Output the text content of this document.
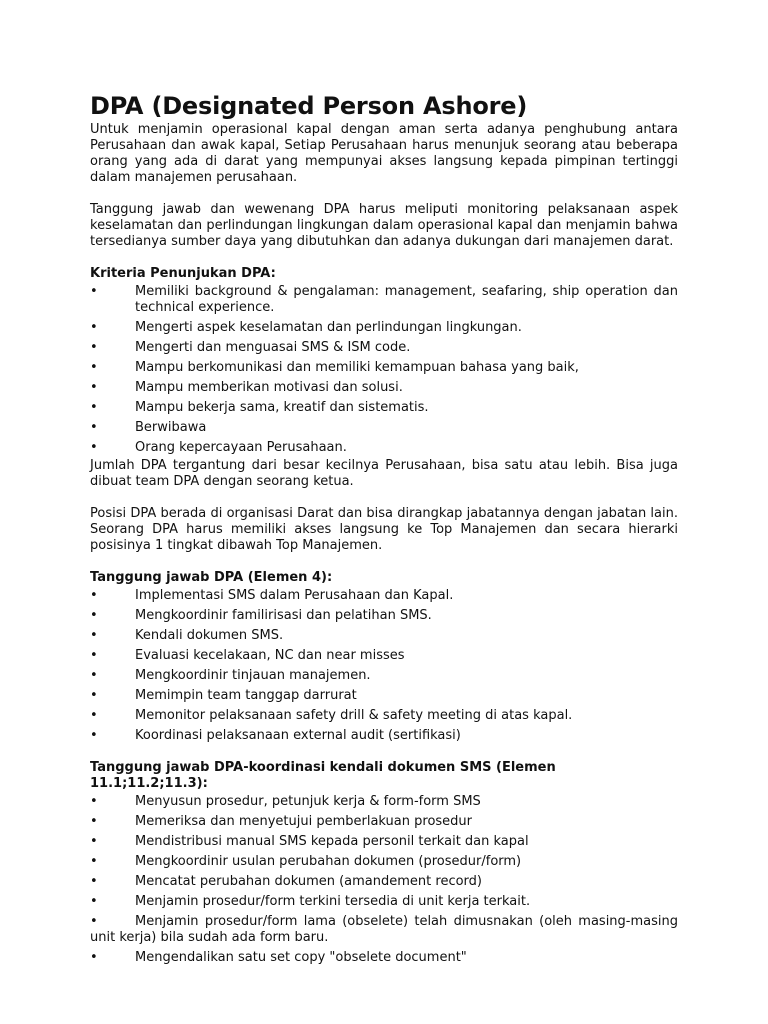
DPA (Designated Person Ashore)

Untuk menjamin operasional kapal dengan aman serta adanya penghubung antara Perusahaan dan awak kapal, Setiap Perusahaan harus menunjuk seorang atau beberapa orang yang ada di darat yang mempunyai akses langsung kepada pimpinan tertinggi dalam manajemen perusahaan.

Tanggung jawab dan wewenang DPA harus meliputi monitoring pelaksanaan aspek keselamatan dan perlindungan lingkungan dalam operasional kapal dan menjamin bahwa tersedianya sumber daya yang dibutuhkan dan adanya dukungan dari manajemen darat.

Kriteria Penunjukan DPA:
•	Memiliki background & pengalaman: management, seafaring, ship operation dan technical experience.
•	Mengerti aspek keselamatan dan perlindungan lingkungan.
•	Mengerti dan menguasai SMS & ISM code.
•	Mampu berkomunikasi dan memiliki kemampuan bahasa yang baik,
•	Mampu memberikan motivasi dan solusi.
•	Mampu bekerja sama, kreatif dan sistematis.
•	Berwibawa
•	Orang kepercayaan Perusahaan.

Jumlah DPA tergantung dari besar kecilnya Perusahaan, bisa satu atau lebih. Bisa juga dibuat team DPA dengan seorang ketua.

Posisi DPA berada di organisasi Darat dan bisa dirangkap jabatannya dengan jabatan lain. Seorang DPA harus memiliki akses langsung ke Top Manajemen dan secara hierarki posisinya 1 tingkat dibawah Top Manajemen.

Tanggung jawab DPA (Elemen 4):
•	Implementasi SMS dalam Perusahaan dan Kapal.
•	Mengkoordinir familirisasi dan pelatihan SMS.
•	Kendali dokumen SMS.
•	Evaluasi kecelakaan, NC dan near misses
•	Mengkoordinir tinjauan manajemen.
•	Memimpin team tanggap darrurat
•	Memonitor pelaksanaan safety drill & safety meeting di atas kapal.
•	Koordinasi pelaksanaan external audit (sertifikasi)
Tanggung jawab DPA-koordinasi kendali dokumen SMS (Elemen 11.1;11.2;11.3):
•	Menyusun prosedur, petunjuk kerja & form-form SMS
•	Memeriksa dan menyetujui pemberlakuan prosedur
•	Mendistribusi manual SMS kepada personil terkait dan kapal
•	Mengkoordinir usulan perubahan dokumen (prosedur/form)
•	Mencatat perubahan dokumen (amandement record)
•	Menjamin prosedur/form terkini tersedia di unit kerja terkait.
•	Menjamin prosedur/form lama (obselete) telah dimusnakan (oleh masing-masing unit kerja) bila sudah ada form baru.
•	Mengendalikan satu set copy "obselete document"
